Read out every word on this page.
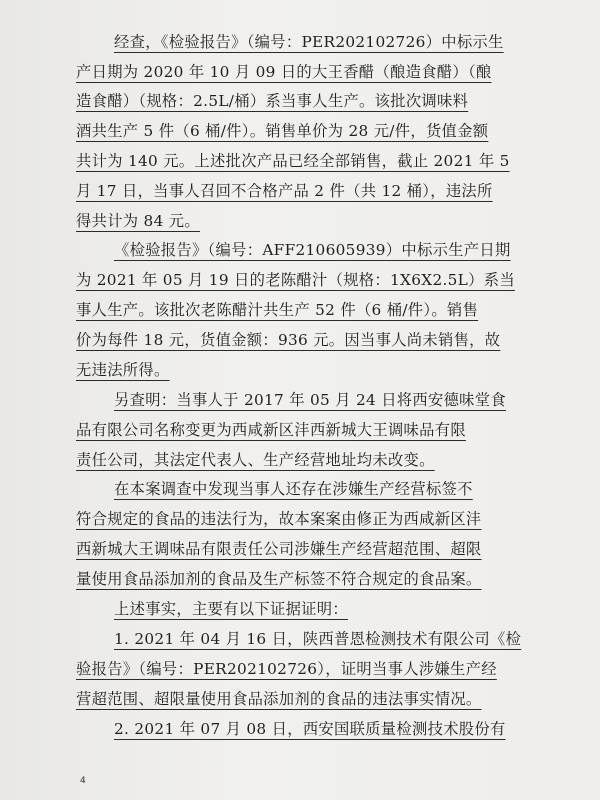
经查，《检验报告》（编号：PER202102726）中标示生
产日期为 2020 年 10 月 09 日的大王香醋（酿造食醋）（酿
造食醋）（规格：2.5L/桶）系当事人生产。该批次调味料
酒共生产 5 件（6 桶/件）。销售单价为 28 元/件，货值金额
共计为 140 元。上述批次产品已经全部销售，截止 2021 年 5
月 17 日，当事人召回不合格产品 2 件（共 12 桶），违法所
得共计为 84 元。
《检验报告》（编号：AFF210605939）中标示生产日期
为 2021 年 05 月 19 日的老陈醋汁（规格：1X6X2.5L）系当
事人生产。该批次老陈醋汁共生产 52 件（6 桶/件）。销售
价为每件 18 元，货值金额：936 元。因当事人尚未销售，故
无违法所得。
另查明：当事人于 2017 年 05 月 24 日将西安德味堂食
品有限公司名称变更为西咸新区沣西新城大王调味品有限
责任公司，其法定代表人、生产经营地址均未改变。
在本案调查中发现当事人还存在涉嫌生产经营标签不
符合规定的食品的违法行为，故本案案由修正为西咸新区沣
西新城大王调味品有限责任公司涉嫌生产经营超范围、超限
量使用食品添加剂的食品及生产标签不符合规定的食品案。
上述事实，主要有以下证据证明：
1. 2021 年 04 月 16 日，陕西普恩检测技术有限公司《检
验报告》（编号：PER202102726），证明当事人涉嫌生产经
营超范围、超限量使用食品添加剂的食品的违法事实情况。
2. 2021 年 07 月 08 日，西安国联质量检测技术股份有
4
